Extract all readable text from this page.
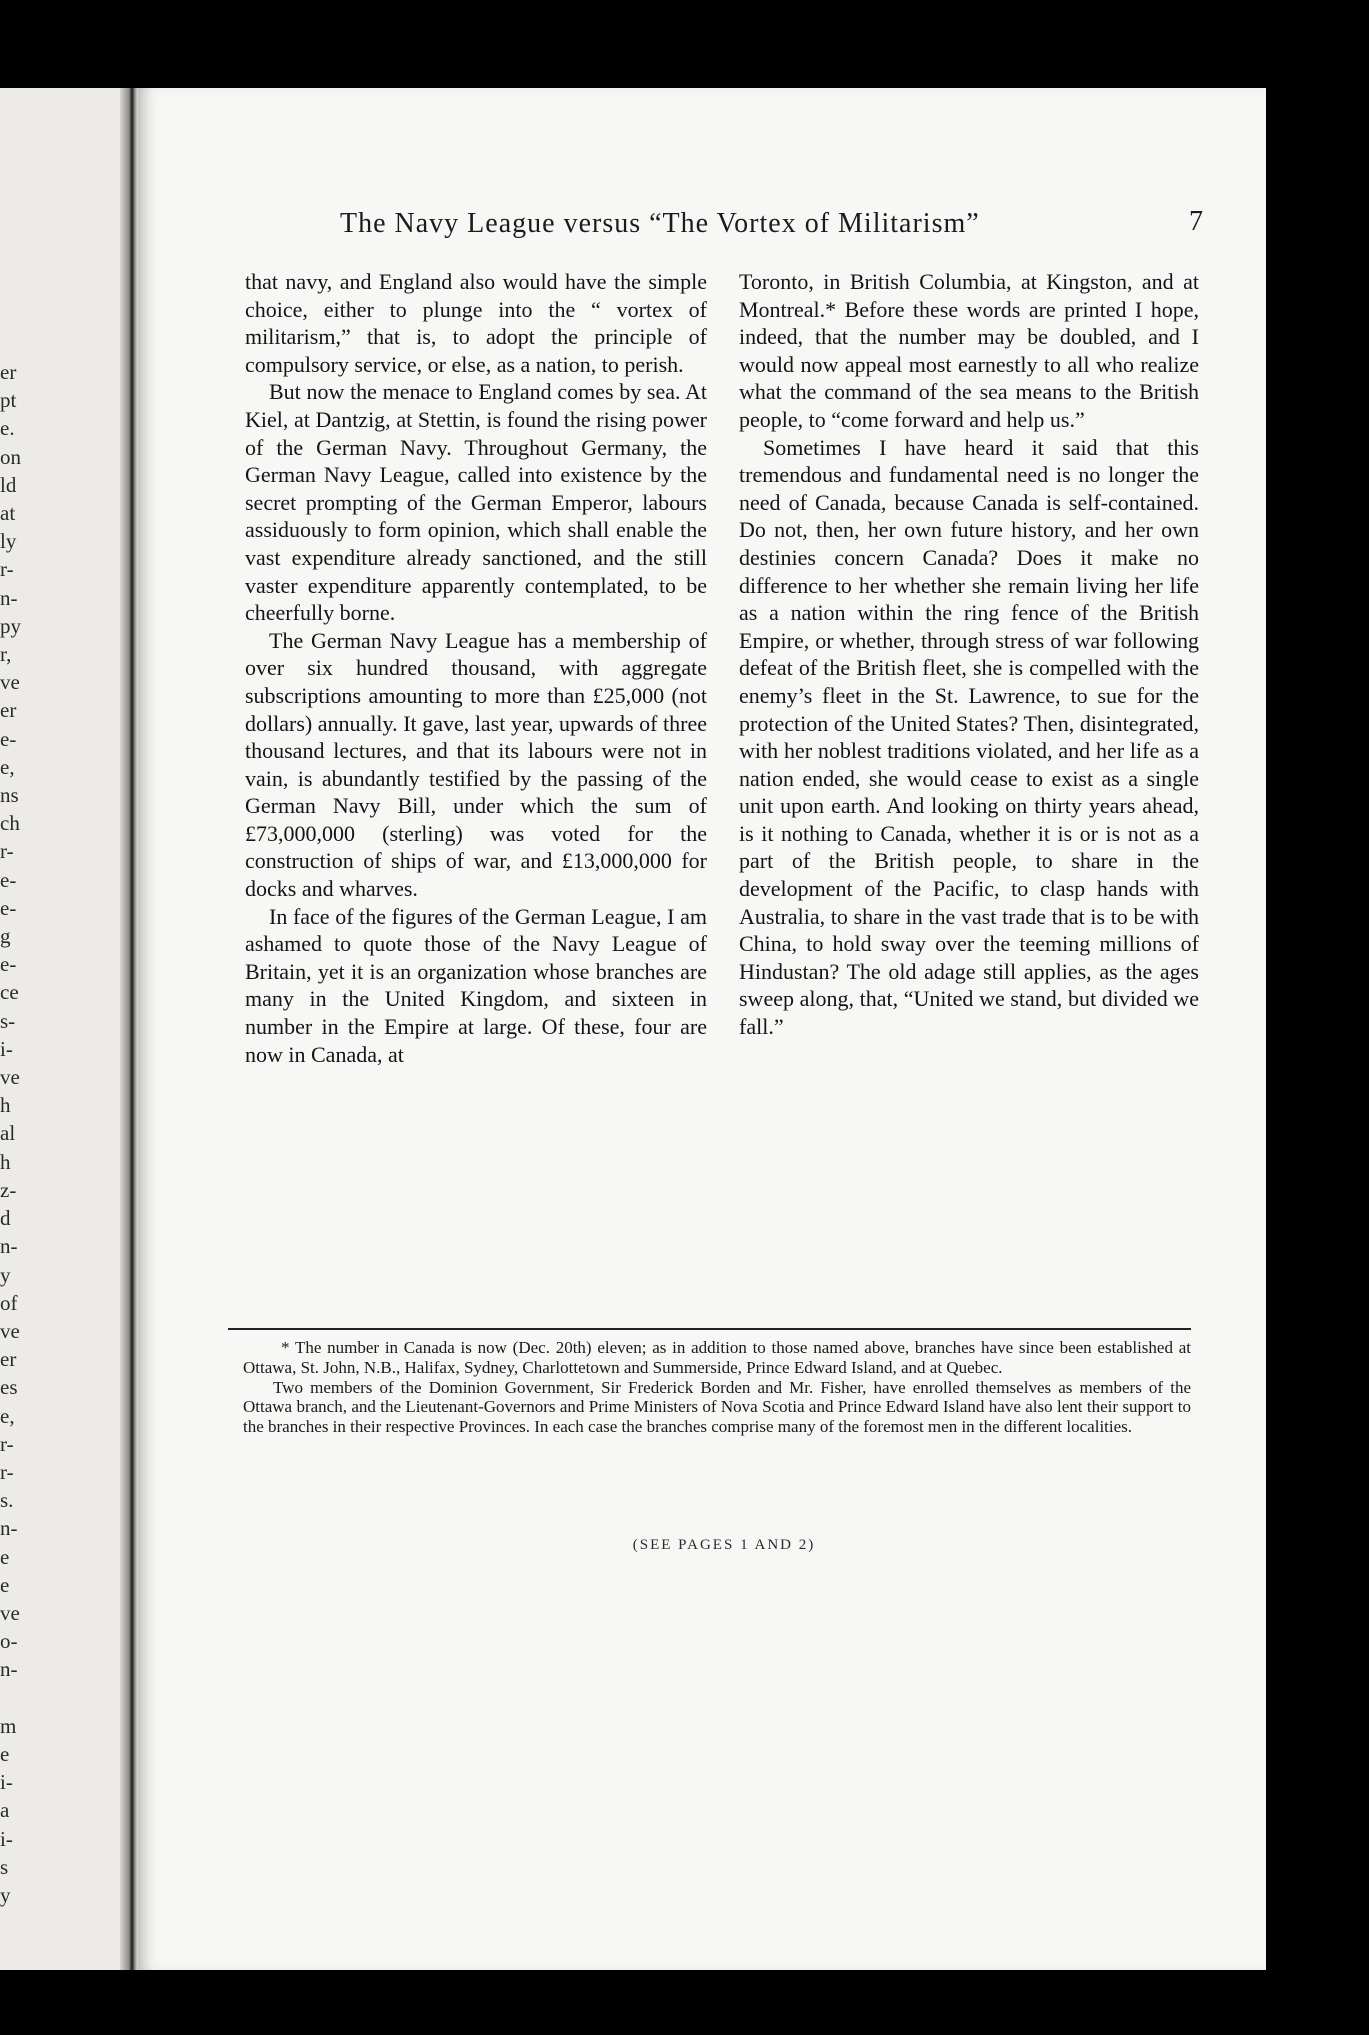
er
pt
e.
on
ld
at
ly
r-
n-
py
r,
ve
er
e-
e,
ns
ch
r-
e-
e-
g
e-
ce
s-
i-
ve
h
al
h
z-
d
n-
y
of
ve
er
es
e,
r-
r-
s.
n-
e
e
ve
o-
n-

m
e
i-
a
i-
s
y
The Navy League versus “The Vortex of Militarism”	7

that navy, and England also would have the simple choice, either to plunge into the “ vortex of militarism,” that is, to adopt the principle of compulsory service, or else, as a nation, to perish.

But now the menace to England comes by sea. At Kiel, at Dantzig, at Stettin, is found the rising power of the German Navy. Throughout Germany, the German Navy League, called into existence by the secret prompting of the German Emperor, labours assiduously to form opinion, which shall enable the vast expenditure already sanctioned, and the still vaster expenditure apparently contemplated, to be cheerfully borne.

The German Navy League has a membership of over six hundred thousand, with aggregate subscriptions amounting to more than £25,000 (not dollars) annually. It gave, last year, upwards of three thousand lectures, and that its labours were not in vain, is abundantly testified by the passing of the German Navy Bill, under which the sum of £73,000,000 (sterling) was voted for the construction of ships of war, and £13,000,000 for docks and wharves.

In face of the figures of the German League, I am ashamed to quote those of the Navy League of Britain, yet it is an organization whose branches are many in the United Kingdom, and sixteen in number in the Empire at large. Of these, four are now in Canada, at

Toronto, in British Columbia, at Kingston, and at Montreal.* Before these words are printed I hope, indeed, that the number may be doubled, and I would now appeal most earnestly to all who realize what the command of the sea means to the British people, to “come forward and help us.”

Sometimes I have heard it said that this tremendous and fundamental need is no longer the need of Canada, because Canada is self-contained. Do not, then, her own future history, and her own destinies concern Canada? Does it make no difference to her whether she remain living her life as a nation within the ring fence of the British Empire, or whether, through stress of war following defeat of the British fleet, she is compelled with the enemy’s fleet in the St. Lawrence, to sue for the protection of the United States? Then, disintegrated, with her noblest traditions violated, and her life as a nation ended, she would cease to exist as a single unit upon earth. And looking on thirty years ahead, is it nothing to Canada, whether it is or is not as a part of the British people, to share in the development of the Pacific, to clasp hands with Australia, to share in the vast trade that is to be with China, to hold sway over the teeming millions of Hindustan? The old adage still applies, as the ages sweep along, that, “United we stand, but divided we fall.”

* The number in Canada is now (Dec. 20th) eleven; as in addition to those named above, branches have since been established at Ottawa, St. John, N.B., Halifax, Sydney, Charlottetown and Summerside, Prince Edward Island, and at Quebec.

Two members of the Dominion Government, Sir Frederick Borden and Mr. Fisher, have enrolled themselves as members of the Ottawa branch, and the Lieutenant-Governors and Prime Ministers of Nova Scotia and Prince Edward Island have also lent their support to the branches in their respective Provinces. In each case the branches comprise many of the foremost men in the different localities.

(SEE PAGES 1 AND 2)
